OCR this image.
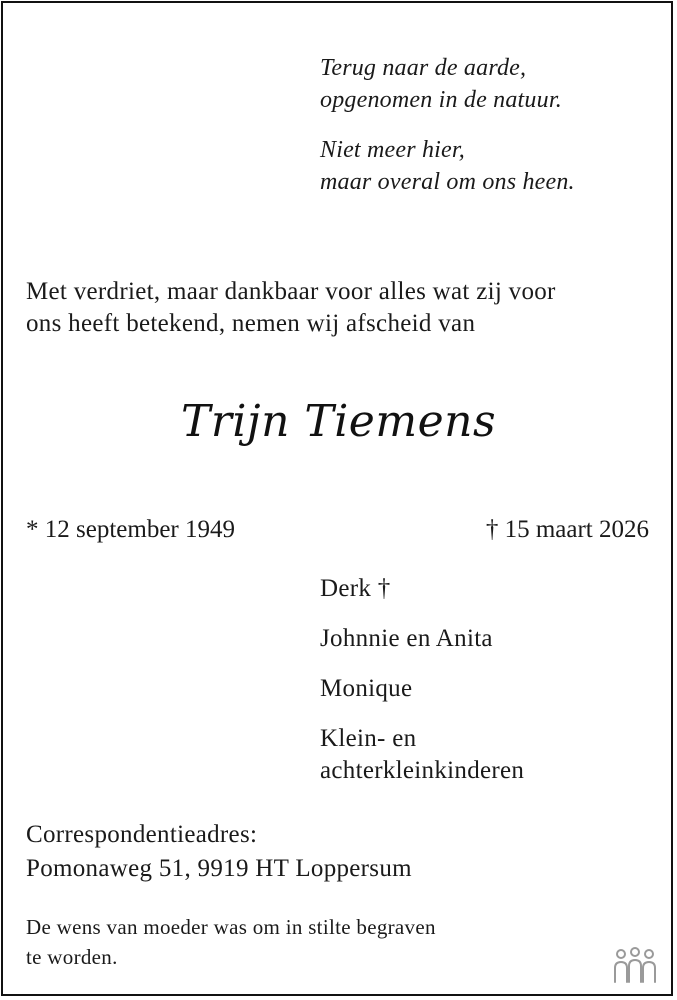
Terug naar de aarde,
opgenomen in de natuur.
Niet meer hier,
maar overal om ons heen.
Met verdriet, maar dankbaar voor alles wat zij voor
ons heeft betekend, nemen wij afscheid van
Trijn Tiemens
* 12 september 1949	† 15 maart 2026
Derk †
Johnnie en Anita
Monique
Klein- en
achterkleinkinderen
Correspondentieadres:
Pomonaweg 51, 9919 HT Loppersum
De wens van moeder was om in stilte begraven
te worden.
